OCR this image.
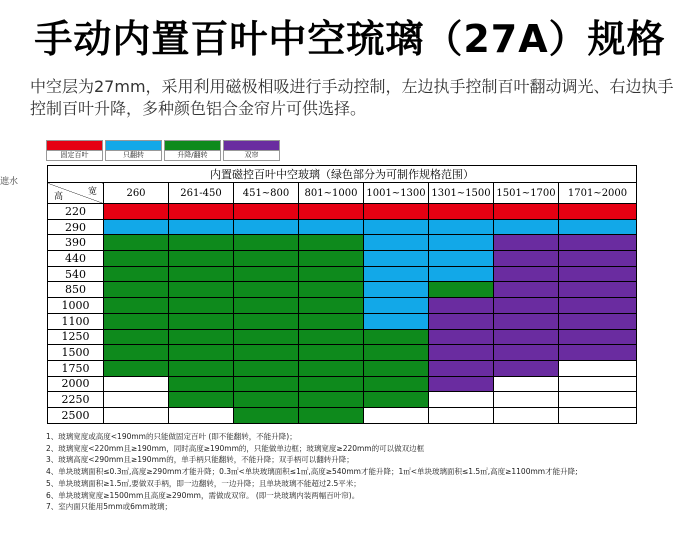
手动内置百叶中空琉璃（27A）规格
中空层为27mm，采用利用磁极相吸进行手动控制，左边执手控制百叶翻动调光、右边执手控制百叶升降，多种颜色铝合金帘片可供选择。
遮水
固定百叶	只翻转	升降/翻转	双帘
内置磁控百叶中空玻璃（绿色部分为可制作规格范围）								

宽
高	260	261-450	451~800	801~1000	1001~1300	1301~1500	1501~1700	1701~2000
220								
290								
390								
440								
540								
850								
1000								
1100								
1250								
1500								
1750								
2000								
2250								
2500								
1、玻璃宽度或高度<190mm的只能做固定百叶 (即不能翻转，不能升降)；
2、玻璃宽度<220mm且≥190mm，同时高度≥190mm的，只能做单边框；玻璃宽度≥220mm的可以做双边框
3、玻璃高度<290mm且≥190mm的，单手柄只能翻转，不能升降；双手柄可以翻转升降；
4、单块玻璃面积≤0.3㎡,高度≥290mm才能升降；0.3㎡<单块玻璃面积≤1㎡,高度≥540mm才能升降；1㎡<单块玻璃面积≤1.5㎡,高度≥1100mm才能升降;
5、单块玻璃面积≥1.5㎡,要做双手柄，即一边翻转，一边升降；且单块玻璃不能超过2.5平米；
6、单块玻璃宽度≥1500mm且高度≥290mm，需做成双帘。 (即一块玻璃内装两幅百叶帘)。
7、室内面只能用5mm或6mm玻璃；
